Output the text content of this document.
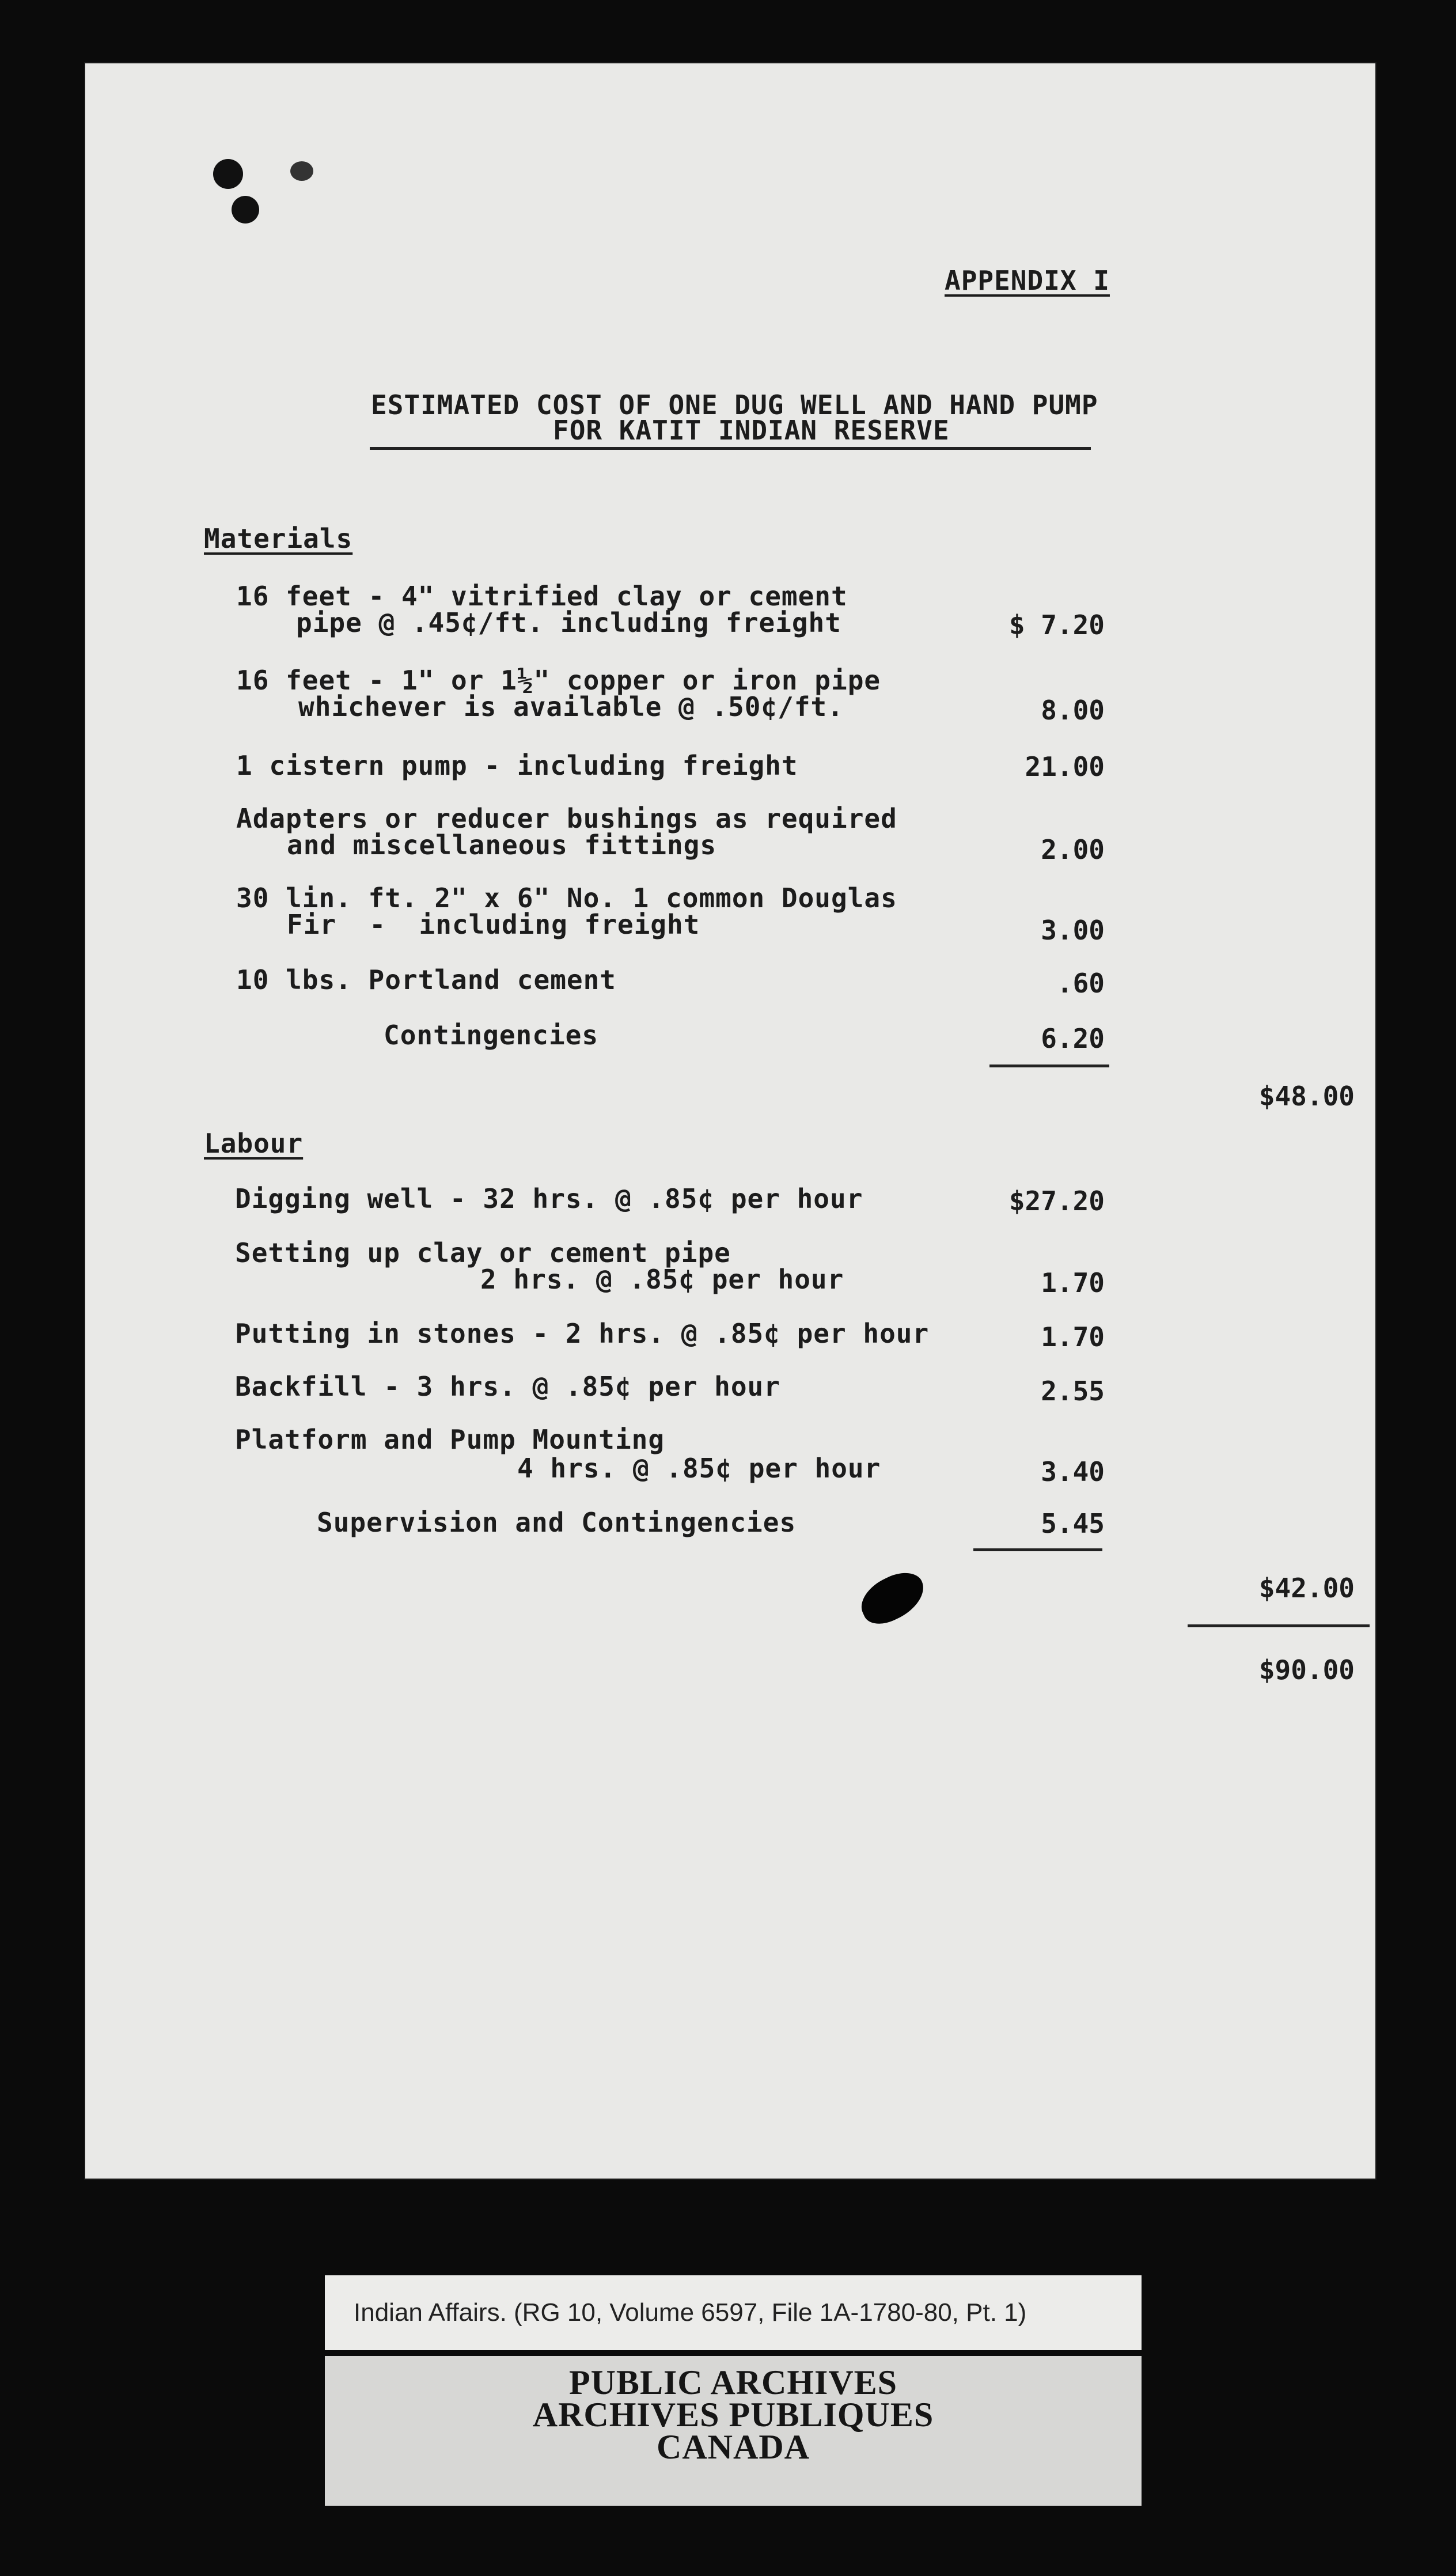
APPENDIX I
ESTIMATED COST OF ONE DUG WELL AND HAND PUMP
FOR KATIT INDIAN RESERVE
Materials
16 feet - 4" vitrified clay or cement
pipe @ .45¢/ft. including freight	$ 7.20
16 feet - 1" or 1½" copper or iron pipe
whichever is available @ .50¢/ft.	8.00
1 cistern pump - including freight	21.00
Adapters or reducer bushings as required
and miscellaneous fittings	2.00
30 lin. ft. 2" x 6" No. 1 common Douglas
Fir  -  including freight	3.00
10 lbs. Portland cement	.60
Contingencies	6.20
$48.00
Labour
Digging well - 32 hrs. @ .85¢ per hour	$27.20
Setting up clay or cement pipe
2 hrs. @ .85¢ per hour	1.70
Putting in stones - 2 hrs. @ .85¢ per hour	1.70
Backfill - 3 hrs. @ .85¢ per hour	2.55
Platform and Pump Mounting
4 hrs. @ .85¢ per hour	3.40
Supervision and Contingencies	5.45
$42.00
$90.00
Indian Affairs. (RG 10, Volume 6597, File 1A-1780-80, Pt. 1)
PUBLIC ARCHIVES
ARCHIVES PUBLIQUES
CANADA
